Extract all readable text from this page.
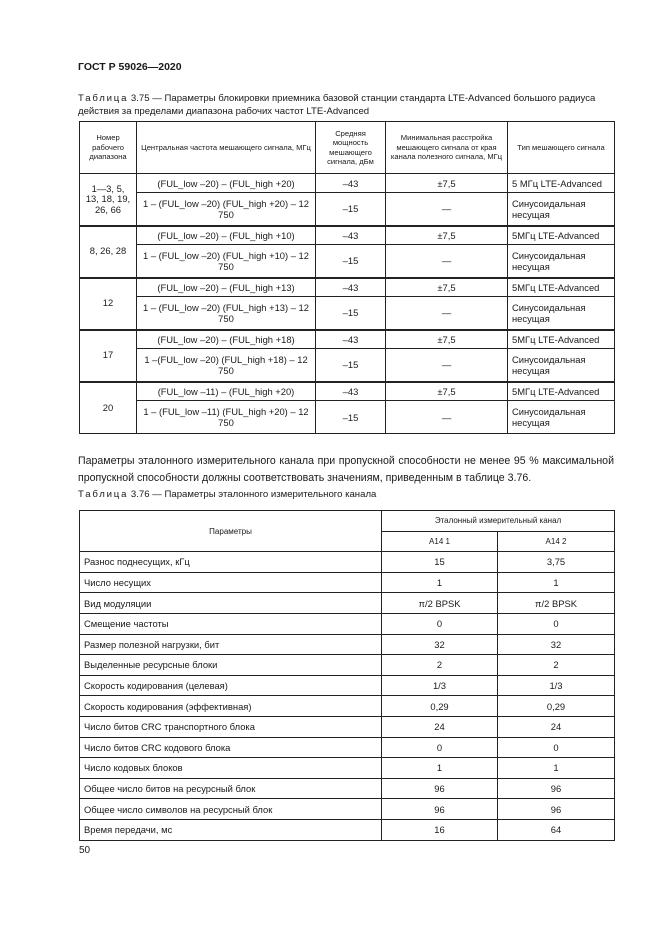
ГОСТ Р 59026—2020
Таблица 3.75 — Параметры блокировки приемника базовой станции стандарта LTE-Advanced большого радиуса действия за пределами диапазона рабочих частот LTE-Advanced
Номер рабочего диапазона	Центральная частота мешающего сигнала, МГц	Средняя мощность мешающего сигнала, дБм	Минимальная расстройка мешающего сигнала от края канала полезного сигнала, МГц	Тип мешающего сигнала
1—3, 5, 13, 18, 19, 26, 66	(FUL_low –20) – (FUL_high +20)	–43	±7,5	5 МГц LTE-Advanced
	1 – (FUL_low –20) (FUL_high +20) – 12 750	–15	—	Синусоидальная несущая
8, 26, 28	(FUL_low –20) – (FUL_high +10)	–43	±7,5	5МГц LTE-Advanced
	1 – (FUL_low –20) (FUL_high +10) – 12 750	–15	—	Синусоидальная несущая
12	(FUL_low –20) – (FUL_high +13)	–43	±7,5	5МГц LTE-Advanced
	1 – (FUL_low –20) (FUL_high +13) – 12 750	–15	—	Синусоидальная несущая
17	(FUL_low –20) – (FUL_high +18)	–43	±7,5	5МГц LTE-Advanced
	1 –(FUL_low –20) (FUL_high +18) – 12 750	–15	—	Синусоидальная несущая
20	(FUL_low –11) – (FUL_high +20)	–43	±7,5	5МГц LTE-Advanced
	1 – (FUL_low –11) (FUL_high +20) – 12 750	–15	—	Синусоидальная несущая
Параметры эталонного измерительного канала при пропускной способности не менее 95 % максимальной пропускной способности должны соответствовать значениям, приведенным в таблице 3.76.
Таблица 3.76 — Параметры эталонного измерительного канала
Параметры	Эталонный измерительный канал	
	А14 1	А14 2
Разнос поднесущих, кГц	15	3,75
Число несущих	1	1
Вид модуляции	π/2 BPSK	π/2 BPSK
Смещение частоты	0	0
Размер полезной нагрузки, бит	32	32
Выделенные ресурсные блоки	2	2
Скорость кодирования (целевая)	1/3	1/3
Скорость кодирования (эффективная)	0,29	0,29
Число битов CRC транспортного блока	24	24
Число битов CRC кодового блока	0	0
Число кодовых блоков	1	1
Общее число битов на ресурсный блок	96	96
Общее число символов на ресурсный блок	96	96
Время передачи, мс	16	64
50
